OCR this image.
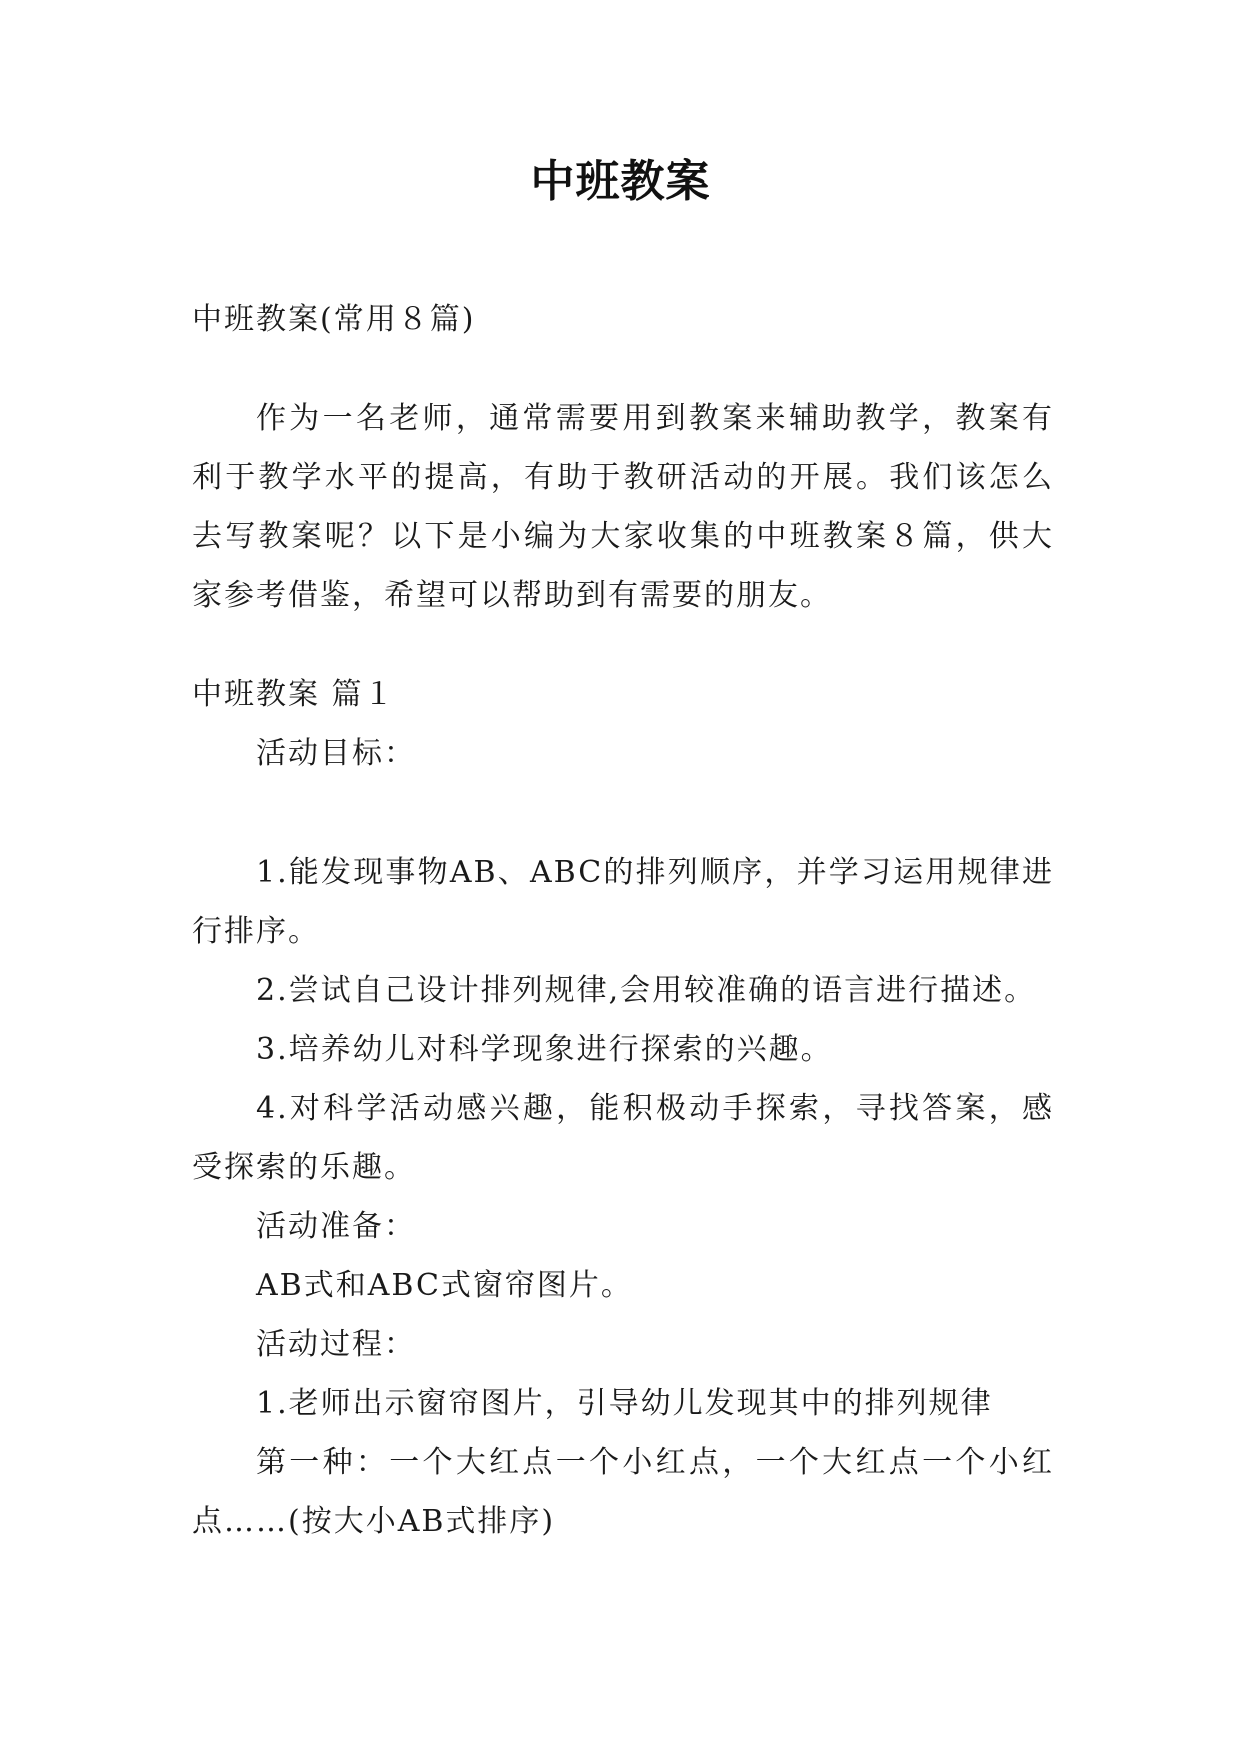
中班教案

中班教案(常用８篇)

作为一名老师，通常需要用到教案来辅助教学，教案有利于教学水平的提高，有助于教研活动的开展。我们该怎么去写教案呢？以下是小编为大家收集的中班教案８篇，供大家参考借鉴，希望可以帮助到有需要的朋友。

中班教案 篇１

活动目标：

1.能发现事物AB、ABC的排列顺序，并学习运用规律进行排序。

2.尝试自己设计排列规律,会用较准确的语言进行描述。

3.培养幼儿对科学现象进行探索的兴趣。

4.对科学活动感兴趣，能积极动手探索，寻找答案，感受探索的乐趣。

活动准备：

AB式和ABC式窗帘图片。

活动过程：

1.老师出示窗帘图片，引导幼儿发现其中的排列规律

第一种：一个大红点一个小红点，一个大红点一个小红点……(按大小AB式排序)
